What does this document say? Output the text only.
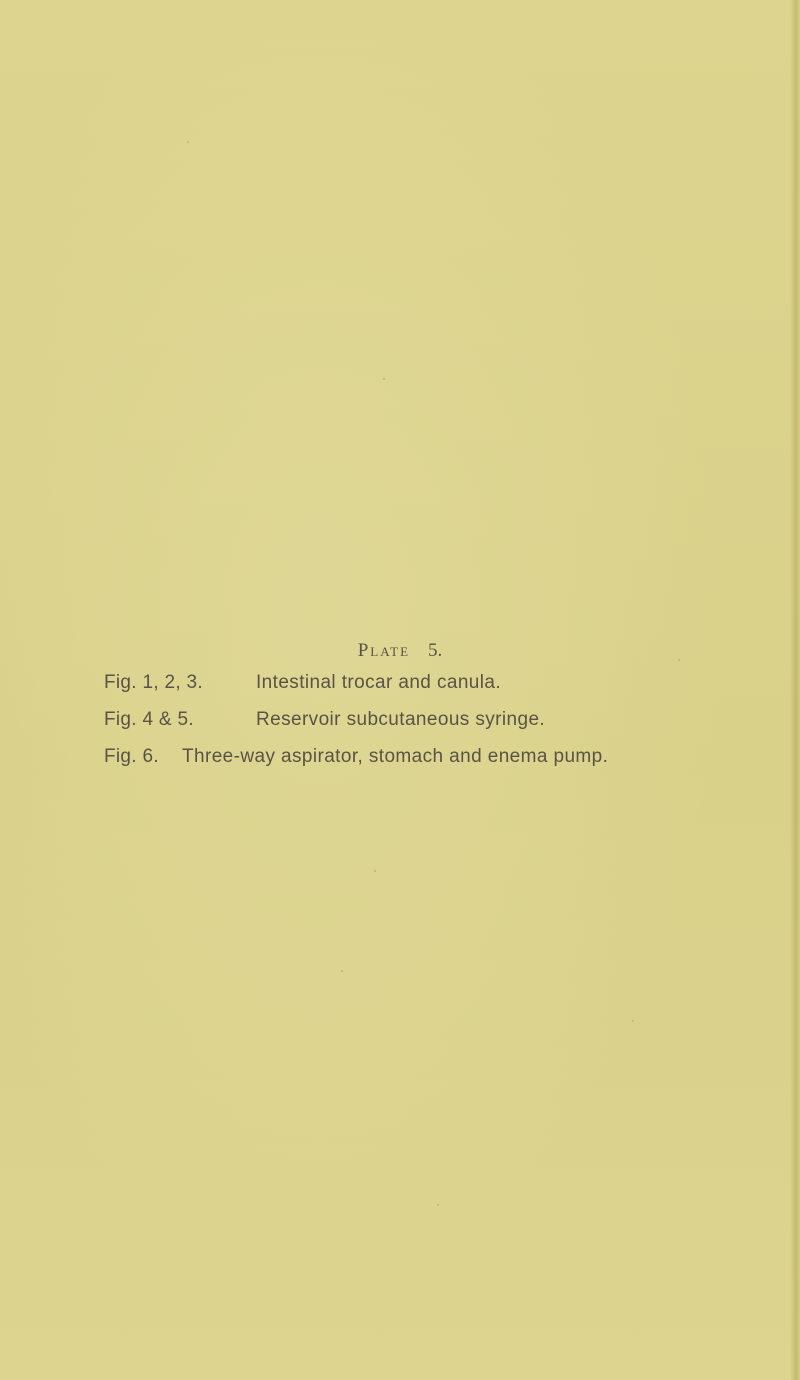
Plate 5.
Fig. 1, 2, 3.	Intestinal trocar and canula.
Fig. 4 & 5.	Reservoir subcutaneous syringe.
Fig. 6.	Three-way aspirator, stomach and enema pump.
